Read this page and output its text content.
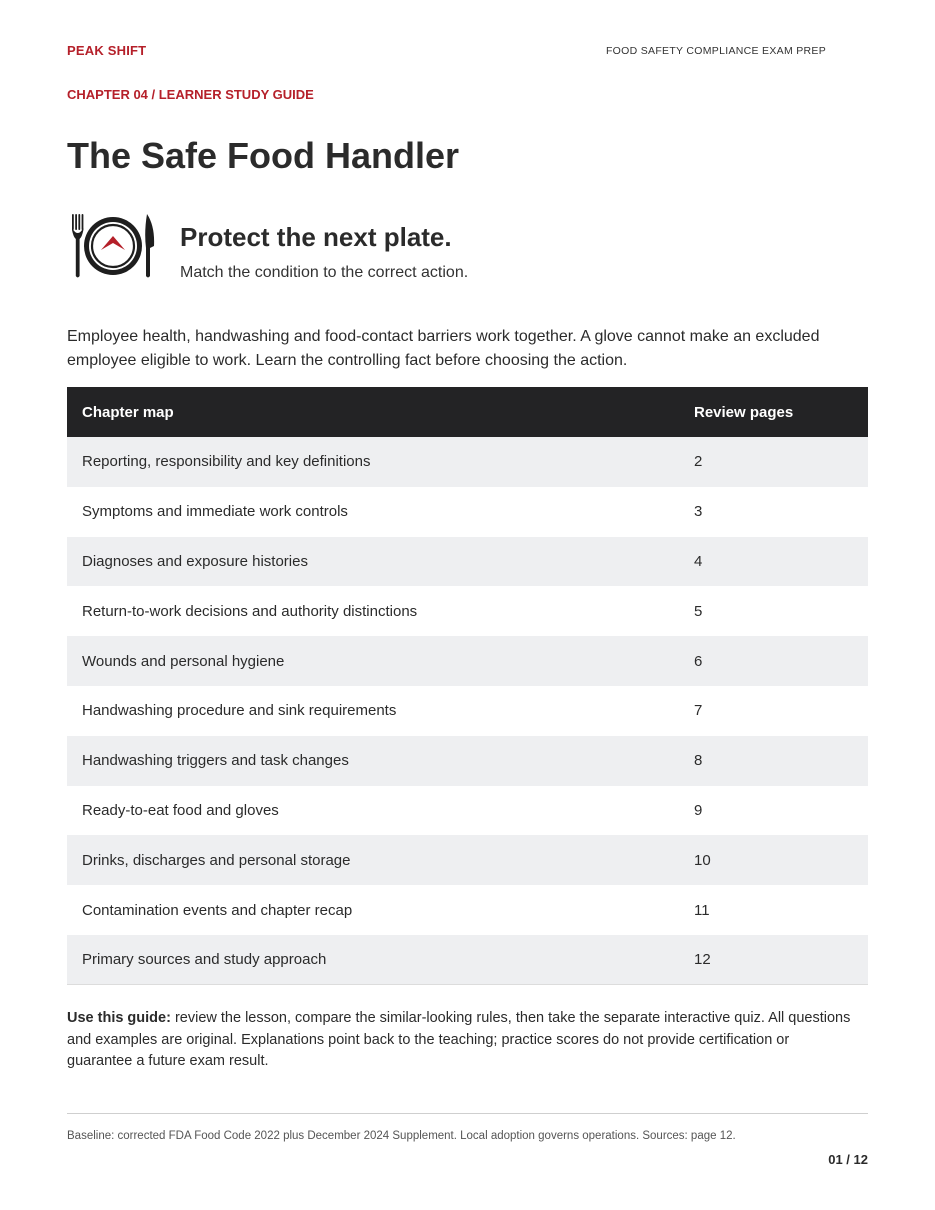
PEAK SHIFT	FOOD SAFETY COMPLIANCE EXAM PREP
CHAPTER 04 / LEARNER STUDY GUIDE
The Safe Food Handler
Protect the next plate.

Match the condition to the correct action.

Employee health, handwashing and food-contact barriers work together. A glove cannot make an excluded employee eligible to work. Learn the controlling fact before choosing the action.

Chapter map	Review pages
Reporting, responsibility and key definitions	2
Symptoms and immediate work controls	3
Diagnoses and exposure histories	4
Return-to-work decisions and authority distinctions	5
Wounds and personal hygiene	6
Handwashing procedure and sink requirements	7
Handwashing triggers and task changes	8
Ready-to-eat food and gloves	9
Drinks, discharges and personal storage	10
Contamination events and chapter recap	11
Primary sources and study approach	12

Use this guide: review the lesson, compare the similar-looking rules, then take the separate interactive quiz. All questions and examples are original. Explanations point back to the teaching; practice scores do not provide certification or guarantee a future exam result.

Baseline: corrected FDA Food Code 2022 plus December 2024 Supplement. Local adoption governs operations. Sources: page 12.
01 / 12
